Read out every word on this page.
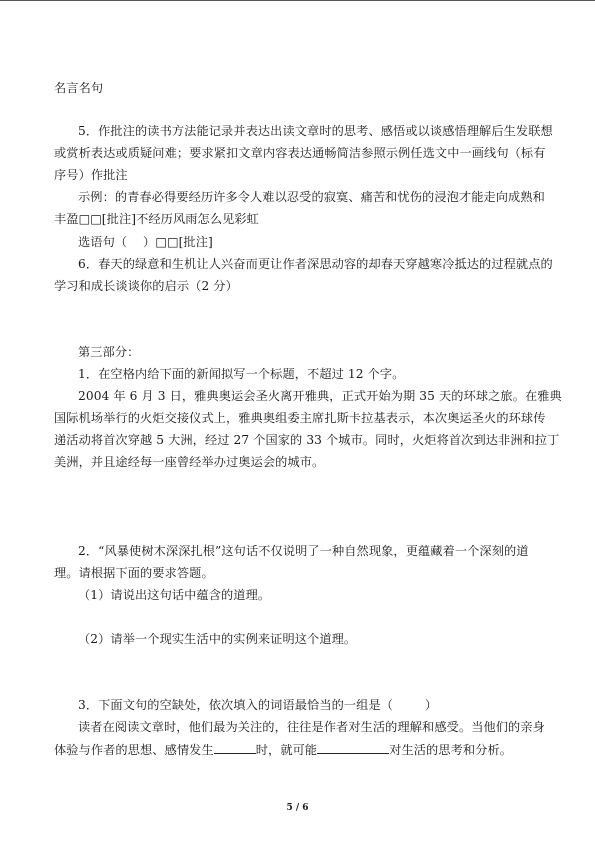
名言名句
5．作批注的读书方法能记录并表达出读文章时的思考、感悟或以谈感悟理解后生发联想
或赏析表达或质疑问难；要求紧扣文章内容表达通畅简洁参照示例任选文中一画线句（标有
序号）作批注
示例：的青春必得要经历许多令人难以忍受的寂寞、痛苦和忧伤的浸泡才能走向成熟和
丰盈□□[批注]不经历风雨怎么见彩虹
选语句（    ）□□[批注]
6．春天的绿意和生机让人兴奋而更让作者深思动容的却春天穿越寒冷抵达的过程就点的
学习和成长谈谈你的启示（2 分）
第三部分：
1．在空格内给下面的新闻拟写一个标题，不超过 12 个字。
2004 年 6 月 3 日，雅典奥运会圣火离开雅典，正式开始为期 35 天的环球之旅。在雅典
国际机场举行的火炬交接仪式上，雅典奥组委主席扎斯卡拉基表示，本次奥运圣火的环球传
递活动将首次穿越 5 大洲，经过 27 个国家的 33 个城市。同时，火炬将首次到达非洲和拉丁
美洲，并且途经每一座曾经举办过奥运会的城市。
2．“风暴使树木深深扎根”这句话不仅说明了一种自然现象，更蕴藏着一个深刻的道
理。请根据下面的要求答题。
（1）请说出这句话中蕴含的道理。
（2）请举一个现实生活中的实例来证明这个道理。
3．下面文句的空缺处，依次填入的词语最恰当的一组是（        ）
读者在阅读文章时，他们最为关注的，往往是作者对生活的理解和感受。当他们的亲身
体验与作者的思想、感情发生	时，就可能	对生活的思考和分析。
5 / 6
